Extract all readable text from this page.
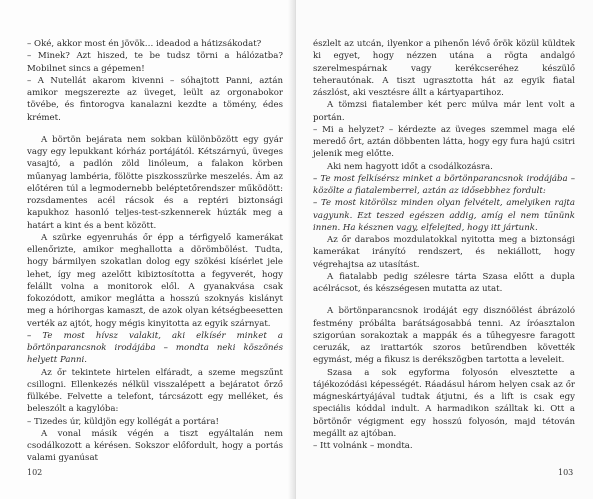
– Oké, akkor most én jövök… ideadod a hátizsákodat?

– Minek? Azt hiszed, te be tudsz törni a hálózatba? Mobilnet sincs a gépemen!

– A Nutellát akarom kivenni – sóhajtott Panni, aztán amikor megszerezte az üveget, leült az orgonabokor tövébe, és fintorogva kanalazni kezdte a tömény, édes krémet.

A börtön bejárata nem sokban különbözött egy gyár vagy egy lepukkant kórház portájától. Kétszárnyú, üveges vasajtó, a padlón zöld linóleum, a falakon körben műanyag lambéria, fölötte piszkosszürke meszelés. Ám az előtéren túl a legmodernebb beléptetőrendszer működött: rozsdamentes acél rácsok és a reptéri biztonsági kapukhoz hasonló teljes-test-szkennerek húzták meg a határt a kint és a bent között.

A szürke egyenruhás őr épp a térfigyelő kamerákat ellenőrizte, amikor meghallotta a dörömbölést. Tudta, hogy bármilyen szokatlan dolog egy szökési kísérlet jele lehet, így meg azelőtt kibiztosította a fegyverét, hogy felállt volna a monitorok elől. A gyanakvása csak fokozódott, amikor meglátta a hosszú szoknyás kislányt meg a hórihorgas kamaszt, de azok olyan kétségbeesetten verték az ajtót, hogy mégis kinyitotta az egyik szárnyat.

– Te most hívsz valakit, aki elkísér minket a börtönparancsnok irodájába – mondta neki köszönés helyett Panni.

Az őr tekintete hirtelen elfáradt, a szeme megszűnt csillogni. Ellenkezés nélkül visszalépett a bejáratot őrző fülkébe. Felvette a telefont, tárcsázott egy melléket, és beleszólt a kagylóba:

– Tizedes úr, küldjön egy kollégát a portára!

A vonal másik végén a tiszt egyáltalán nem csodálkozott a kérésen. Sokszor előfordult, hogy a portás valami gyanúsat

102

észlelt az utcán, ilyenkor a pihenőn lévő őrök közül küldtek ki egyet, hogy nézzen utána a rögta andalgó szerelmespárnak vagy kerékcseréhez készülő teherautónak. A tiszt ugrasztotta hát az egyik fiatal zászlóst, aki vesztésre állt a kártyapartihoz.

A tömzsi fiatalember két perc múlva már lent volt a portán.

– Mi a helyzet? – kérdezte az üveges szemmel maga elé meredő őrt, aztán döbbenten látta, hogy egy fura hajú csitri jelenik meg előtte.

Aki nem hagyott időt a csodálkozásra.

– Te most felkísérsz minket a börtönparancsnok irodájába – közölte a fiatalemberrel, aztán az idősebbhez fordult:

– Te most kitörölsz minden olyan felvételt, amelyiken rajta vagyunk. Ezt teszed egészen addig, amíg el nem tűnünk innen. Ha késznen vagy, elfelejted, hogy itt jártunk.

Az őr darabos mozdulatokkal nyitotta meg a biztonsági kamerákat irányító rendszert, és nekiállott, hogy végrehajtsa az utasítást.

A fiatalabb pedig szélesre tárta Szasa előtt a dupla acélrácsot, és készségesen mutatta az utat.

A börtönparancsnok irodáját egy disznóölést ábrázoló festmény próbálta barátságosabbá tenni. Az íróasztalon szigorúan sorakoztak a mappák és a tűhegyesre faragott ceruzák, az irattartók szoros betűrendben követték egymást, még a fikusz is derékszögben tartotta a leveleit.

Szasa a sok egyforma folyosón elvesztette a tájékozódási képességét. Ráadásul három helyen csak az őr mágneskártyájával tudtak átjutni, és a lift is csak egy speciális kóddal indult. A harmadikon szálltak ki. Ott a börtönőr végigment egy hosszú folyosón, majd tétován megállt az ajtóban.

– Itt volnánk – mondta.

103
